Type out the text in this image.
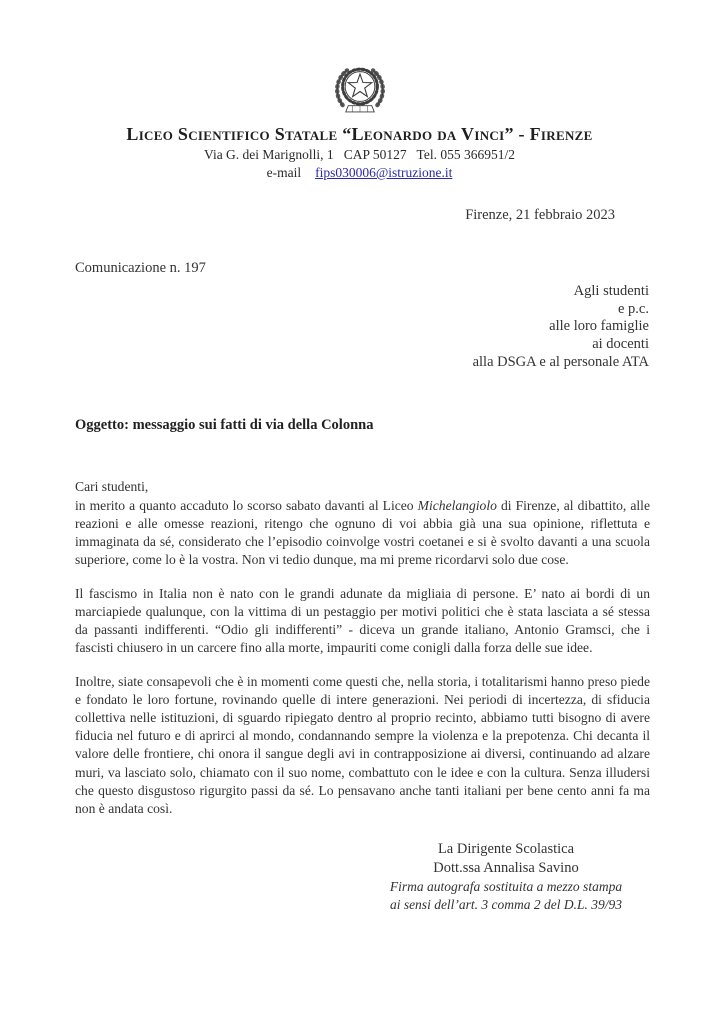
Liceo Scientifico Statale “Leonardo da Vinci” - Firenze
Via G. dei Marignolli, 1   CAP 50127   Tel. 055 366951/2
e-mail fips030006@istruzione.it
Firenze, 21 febbraio 2023
Comunicazione n. 197
Agli studenti
e p.c.
alle loro famiglie
ai docenti
alla DSGA e al personale ATA
Oggetto: messaggio sui fatti di via della Colonna
Cari studenti,
in merito a quanto accaduto lo scorso sabato davanti al Liceo Michelangiolo di Firenze, al dibattito, alle reazioni e alle omesse reazioni, ritengo che ognuno di voi abbia già una sua opinione, riflettuta e immaginata da sé, considerato che l’episodio coinvolge vostri coetanei e si è svolto davanti a una scuola superiore, come lo è la vostra. Non vi tedio dunque, ma mi preme ricordarvi solo due cose.
Il fascismo in Italia non è nato con le grandi adunate da migliaia di persone. E’ nato ai bordi di un marciapiede qualunque, con la vittima di un pestaggio per motivi politici che è stata lasciata a sé stessa da passanti indifferenti. “Odio gli indifferenti” - diceva un grande italiano, Antonio Gramsci, che i fascisti chiusero in un carcere fino alla morte, impauriti come conigli dalla forza delle sue idee.
Inoltre, siate consapevoli che è in momenti come questi che, nella storia, i totalitarismi hanno preso piede e fondato le loro fortune, rovinando quelle di intere generazioni. Nei periodi di incertezza, di sfiducia collettiva nelle istituzioni, di sguardo ripiegato dentro al proprio recinto, abbiamo tutti bisogno di avere fiducia nel futuro e di aprirci al mondo, condannando sempre la violenza e la prepotenza. Chi decanta il valore delle frontiere, chi onora il sangue degli avi in contrapposizione ai diversi, continuando ad alzare muri, va lasciato solo, chiamato con il suo nome, combattuto con le idee e con la cultura. Senza illudersi che questo disgustoso rigurgito passi da sé. Lo pensavano anche tanti italiani per bene cento anni fa ma non è andata così.
La Dirigente Scolastica
Dott.ssa Annalisa Savino
Firma autografa sostituita a mezzo stampa
ai sensi dell’art. 3 comma 2 del D.L. 39/93
